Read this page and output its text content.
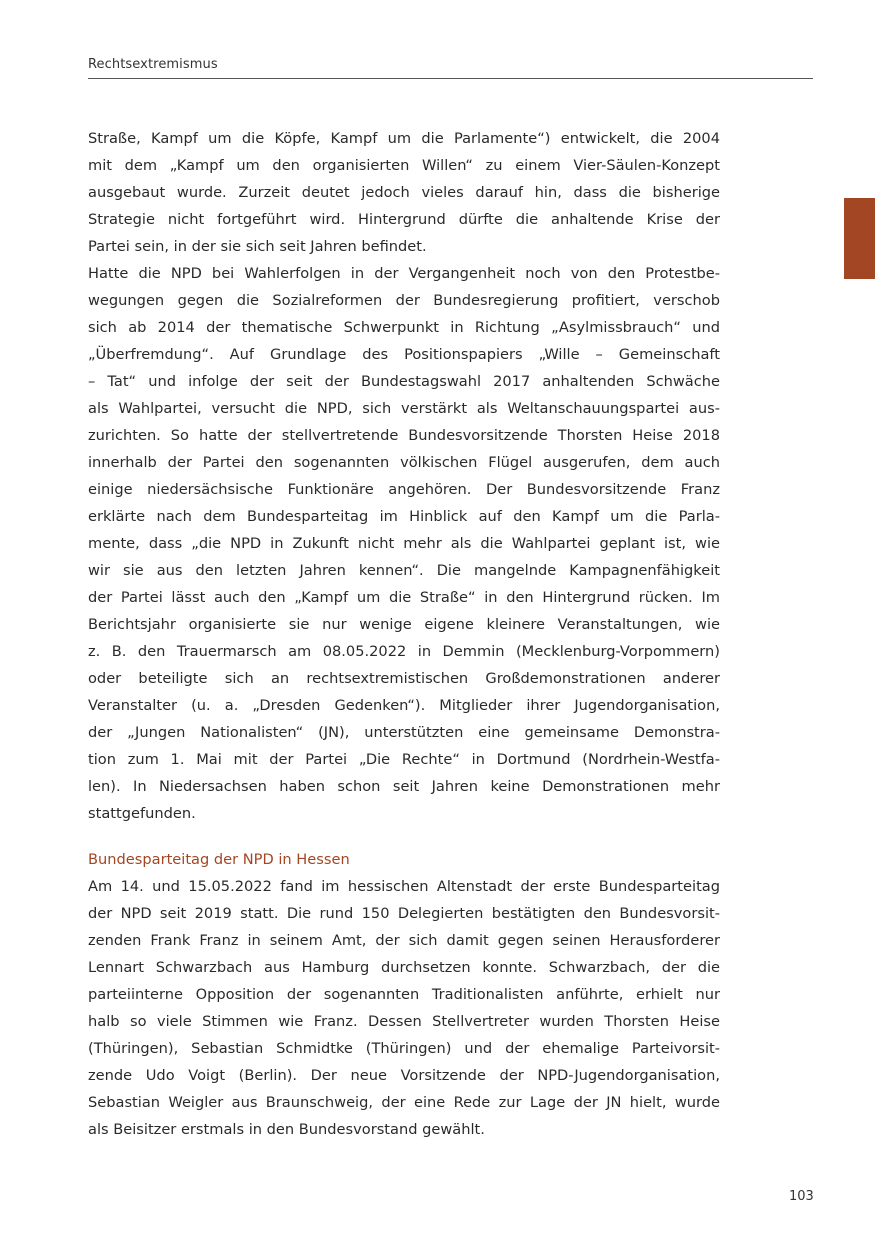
Rechtsextremismus
Straße, Kampf um die Köpfe, Kampf um die Parlamente“) entwickelt, die 2004
mit dem „Kampf um den organisierten Willen“ zu einem Vier-Säulen-Konzept
ausgebaut wurde. Zurzeit deutet jedoch vieles darauf hin, dass die bisherige
Strategie nicht fortgeführt wird. Hintergrund dürfte die anhaltende Krise der
Partei sein, in der sie sich seit Jahren befindet.
Hatte die NPD bei Wahlerfolgen in der Vergangenheit noch von den Protestbe-
wegungen gegen die Sozialreformen der Bundesregierung profitiert, verschob
sich ab 2014 der thematische Schwerpunkt in Richtung „Asylmissbrauch“ und
„Überfremdung“. Auf Grundlage des Positionspapiers „Wille – Gemeinschaft
– Tat“ und infolge der seit der Bundestagswahl 2017 anhaltenden Schwäche
als Wahlpartei, versucht die NPD, sich verstärkt als Weltanschauungspartei aus-
zurichten. So hatte der stellvertretende Bundesvorsitzende Thorsten Heise 2018
innerhalb der Partei den sogenannten völkischen Flügel ausgerufen, dem auch
einige niedersächsische Funktionäre angehören. Der Bundesvorsitzende Franz
erklärte nach dem Bundesparteitag im Hinblick auf den Kampf um die Parla-
mente, dass „die NPD in Zukunft nicht mehr als die Wahlpartei geplant ist, wie
wir sie aus den letzten Jahren kennen“. Die mangelnde Kampagnenfähigkeit
der Partei lässt auch den „Kampf um die Straße“ in den Hintergrund rücken. Im
Berichtsjahr organisierte sie nur wenige eigene kleinere Veranstaltungen, wie
z. B. den Trauermarsch am 08.05.2022 in Demmin (Mecklenburg-Vorpommern)
oder beteiligte sich an rechtsextremistischen Großdemonstrationen anderer
Veranstalter (u. a. „Dresden Gedenken“). Mitglieder ihrer Jugendorganisation,
der „Jungen Nationalisten“ (JN), unterstützten eine gemeinsame Demonstra-
tion zum 1. Mai mit der Partei „Die Rechte“ in Dortmund (Nordrhein-Westfa-
len). In Niedersachsen haben schon seit Jahren keine Demonstrationen mehr
stattgefunden.
Bundesparteitag der NPD in Hessen
Am 14. und 15.05.2022 fand im hessischen Altenstadt der erste Bundesparteitag
der NPD seit 2019 statt. Die rund 150 Delegierten bestätigten den Bundesvorsit-
zenden Frank Franz in seinem Amt, der sich damit gegen seinen Herausforderer
Lennart Schwarzbach aus Hamburg durchsetzen konnte. Schwarzbach, der die
parteiinterne Opposition der sogenannten Traditionalisten anführte, erhielt nur
halb so viele Stimmen wie Franz. Dessen Stellvertreter wurden Thorsten Heise
(Thüringen), Sebastian Schmidtke (Thüringen) und der ehemalige Parteivorsit-
zende Udo Voigt (Berlin). Der neue Vorsitzende der NPD-Jugendorganisation,
Sebastian Weigler aus Braunschweig, der eine Rede zur Lage der JN hielt, wurde
als Beisitzer erstmals in den Bundesvorstand gewählt.
103
